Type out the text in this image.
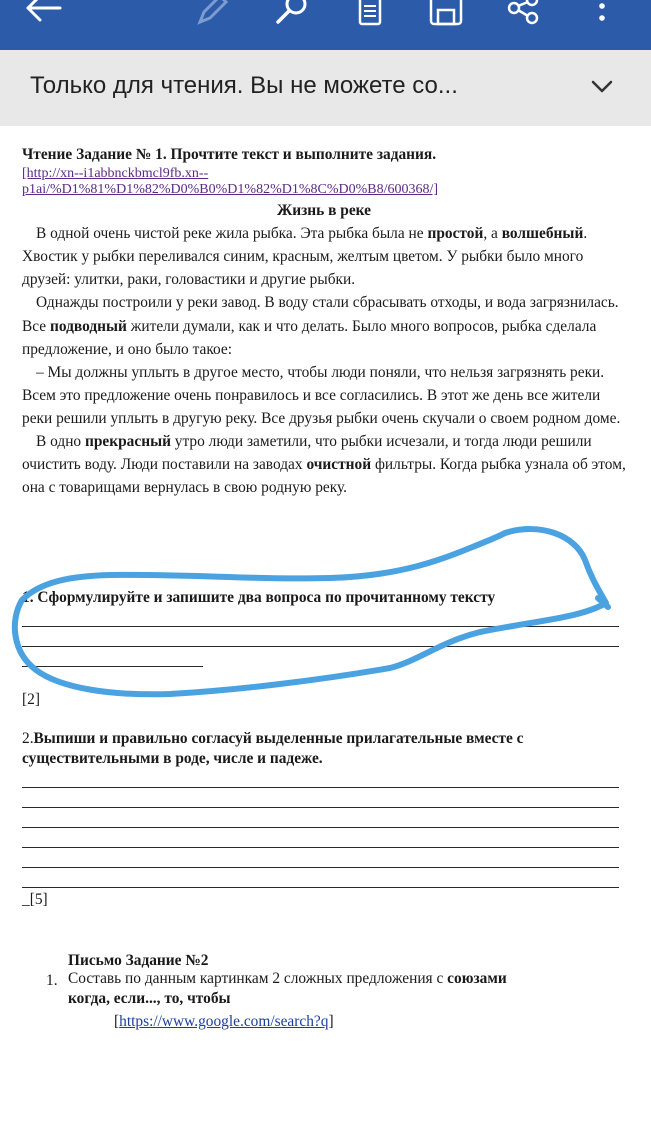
Только для чтения. Вы не можете со...

Чтение Задание № 1. Прочтите текст и выполните задания.

[http://xn--i1abbnckbmcl9fb.xn--
p1ai/%D1%81%D1%82%D0%B0%D1%82%D1%8C%D0%B8/600368/]

Жизнь в реке

В одной очень чистой реке жила рыбка. Эта рыбка была не простой, а волшебный. Хвостик у рыбки переливался синим, красным, желтым цветом. У рыбки было много друзей: улитки, раки, головастики и другие рыбки.

Однажды построили у реки завод. В воду стали сбрасывать отходы, и вода загрязнилась. Все подводный жители думали, как и что делать. Было много вопросов, рыбка сделала предложение, и оно было такое:

– Мы должны уплыть в другое место, чтобы люди поняли, что нельзя загрязнять реки.

Всем это предложение очень понравилось и все согласились. В этот же день все жители реки решили уплыть в другую реку. Все друзья рыбки очень скучали о своем родном доме.

В одно прекрасный утро люди заметили, что рыбки исчезали, и тогда люди решили очистить воду. Люди поставили на заводах очистной фильтры. Когда рыбка узнала об этом, она с товарищами вернулась в свою родную реку.

1. Сформулируйте и запишите два вопроса по прочитанному тексту
[2]
2.Выпиши и правильно согласуй выделенные прилагательные вместе с
существительными в роде, числе и падеже.
_[5]
Письмо Задание №2
1. Составь по данным картинкам 2 сложных предложения с союзами
когда, если..., то, чтобы
[https://www.google.com/search?q]
